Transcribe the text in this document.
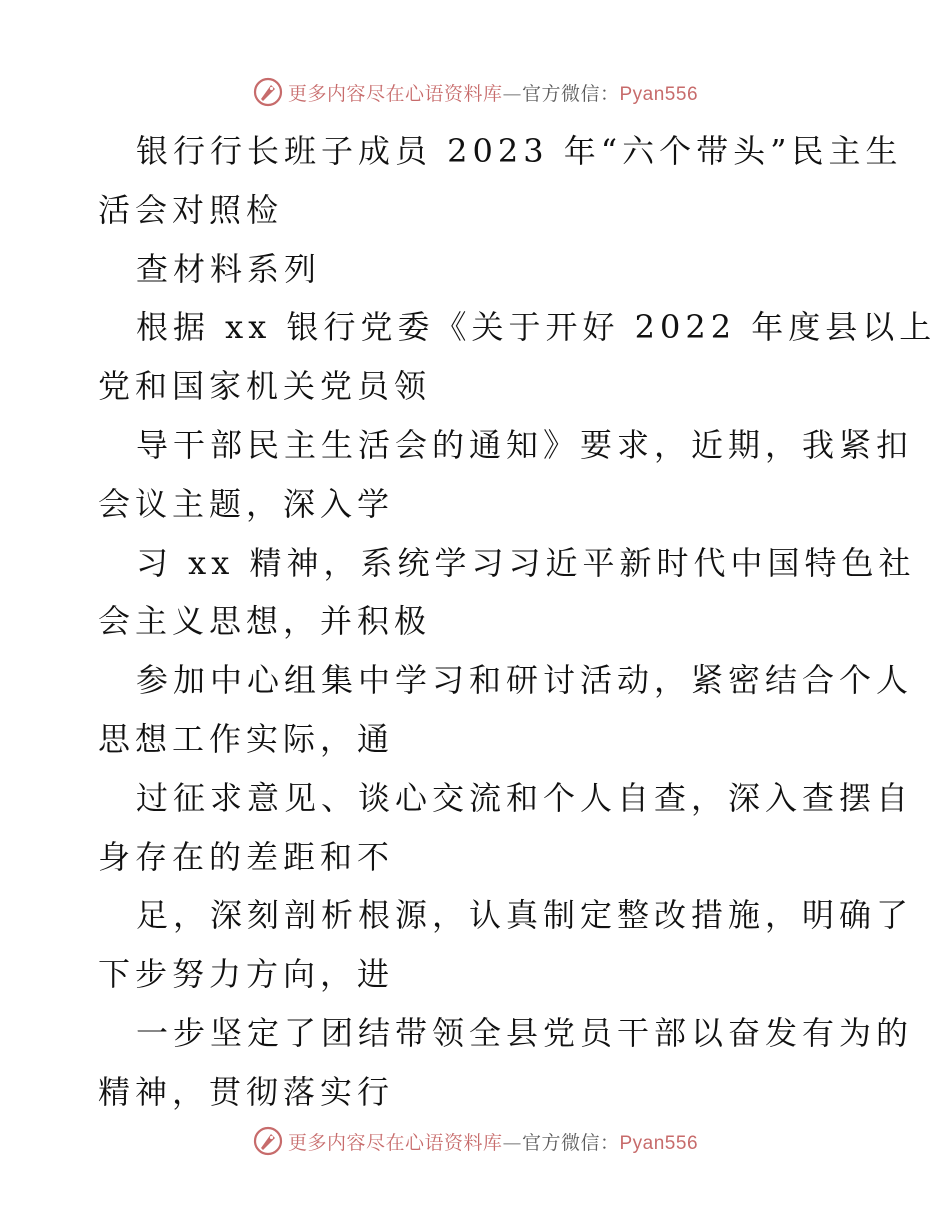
更多内容尽在心语资料库—官方微信：Pyan556
银行行长班子成员 2023 年“六个带头”民主生
活会对照检
查材料系列
根据 xx 银行党委《关于开好 2022 年度县以上
党和国家机关党员领
导干部民主生活会的通知》要求，近期，我紧扣
会议主题，深入学
习 xx 精神，系统学习习近平新时代中国特色社
会主义思想，并积极
参加中心组集中学习和研讨活动，紧密结合个人
思想工作实际，通
过征求意见、谈心交流和个人自查，深入查摆自
身存在的差距和不
足，深刻剖析根源，认真制定整改措施，明确了
下步努力方向，进
一步坚定了团结带领全县党员干部以奋发有为的
精神，贯彻落实行
更多内容尽在心语资料库—官方微信：Pyan556
